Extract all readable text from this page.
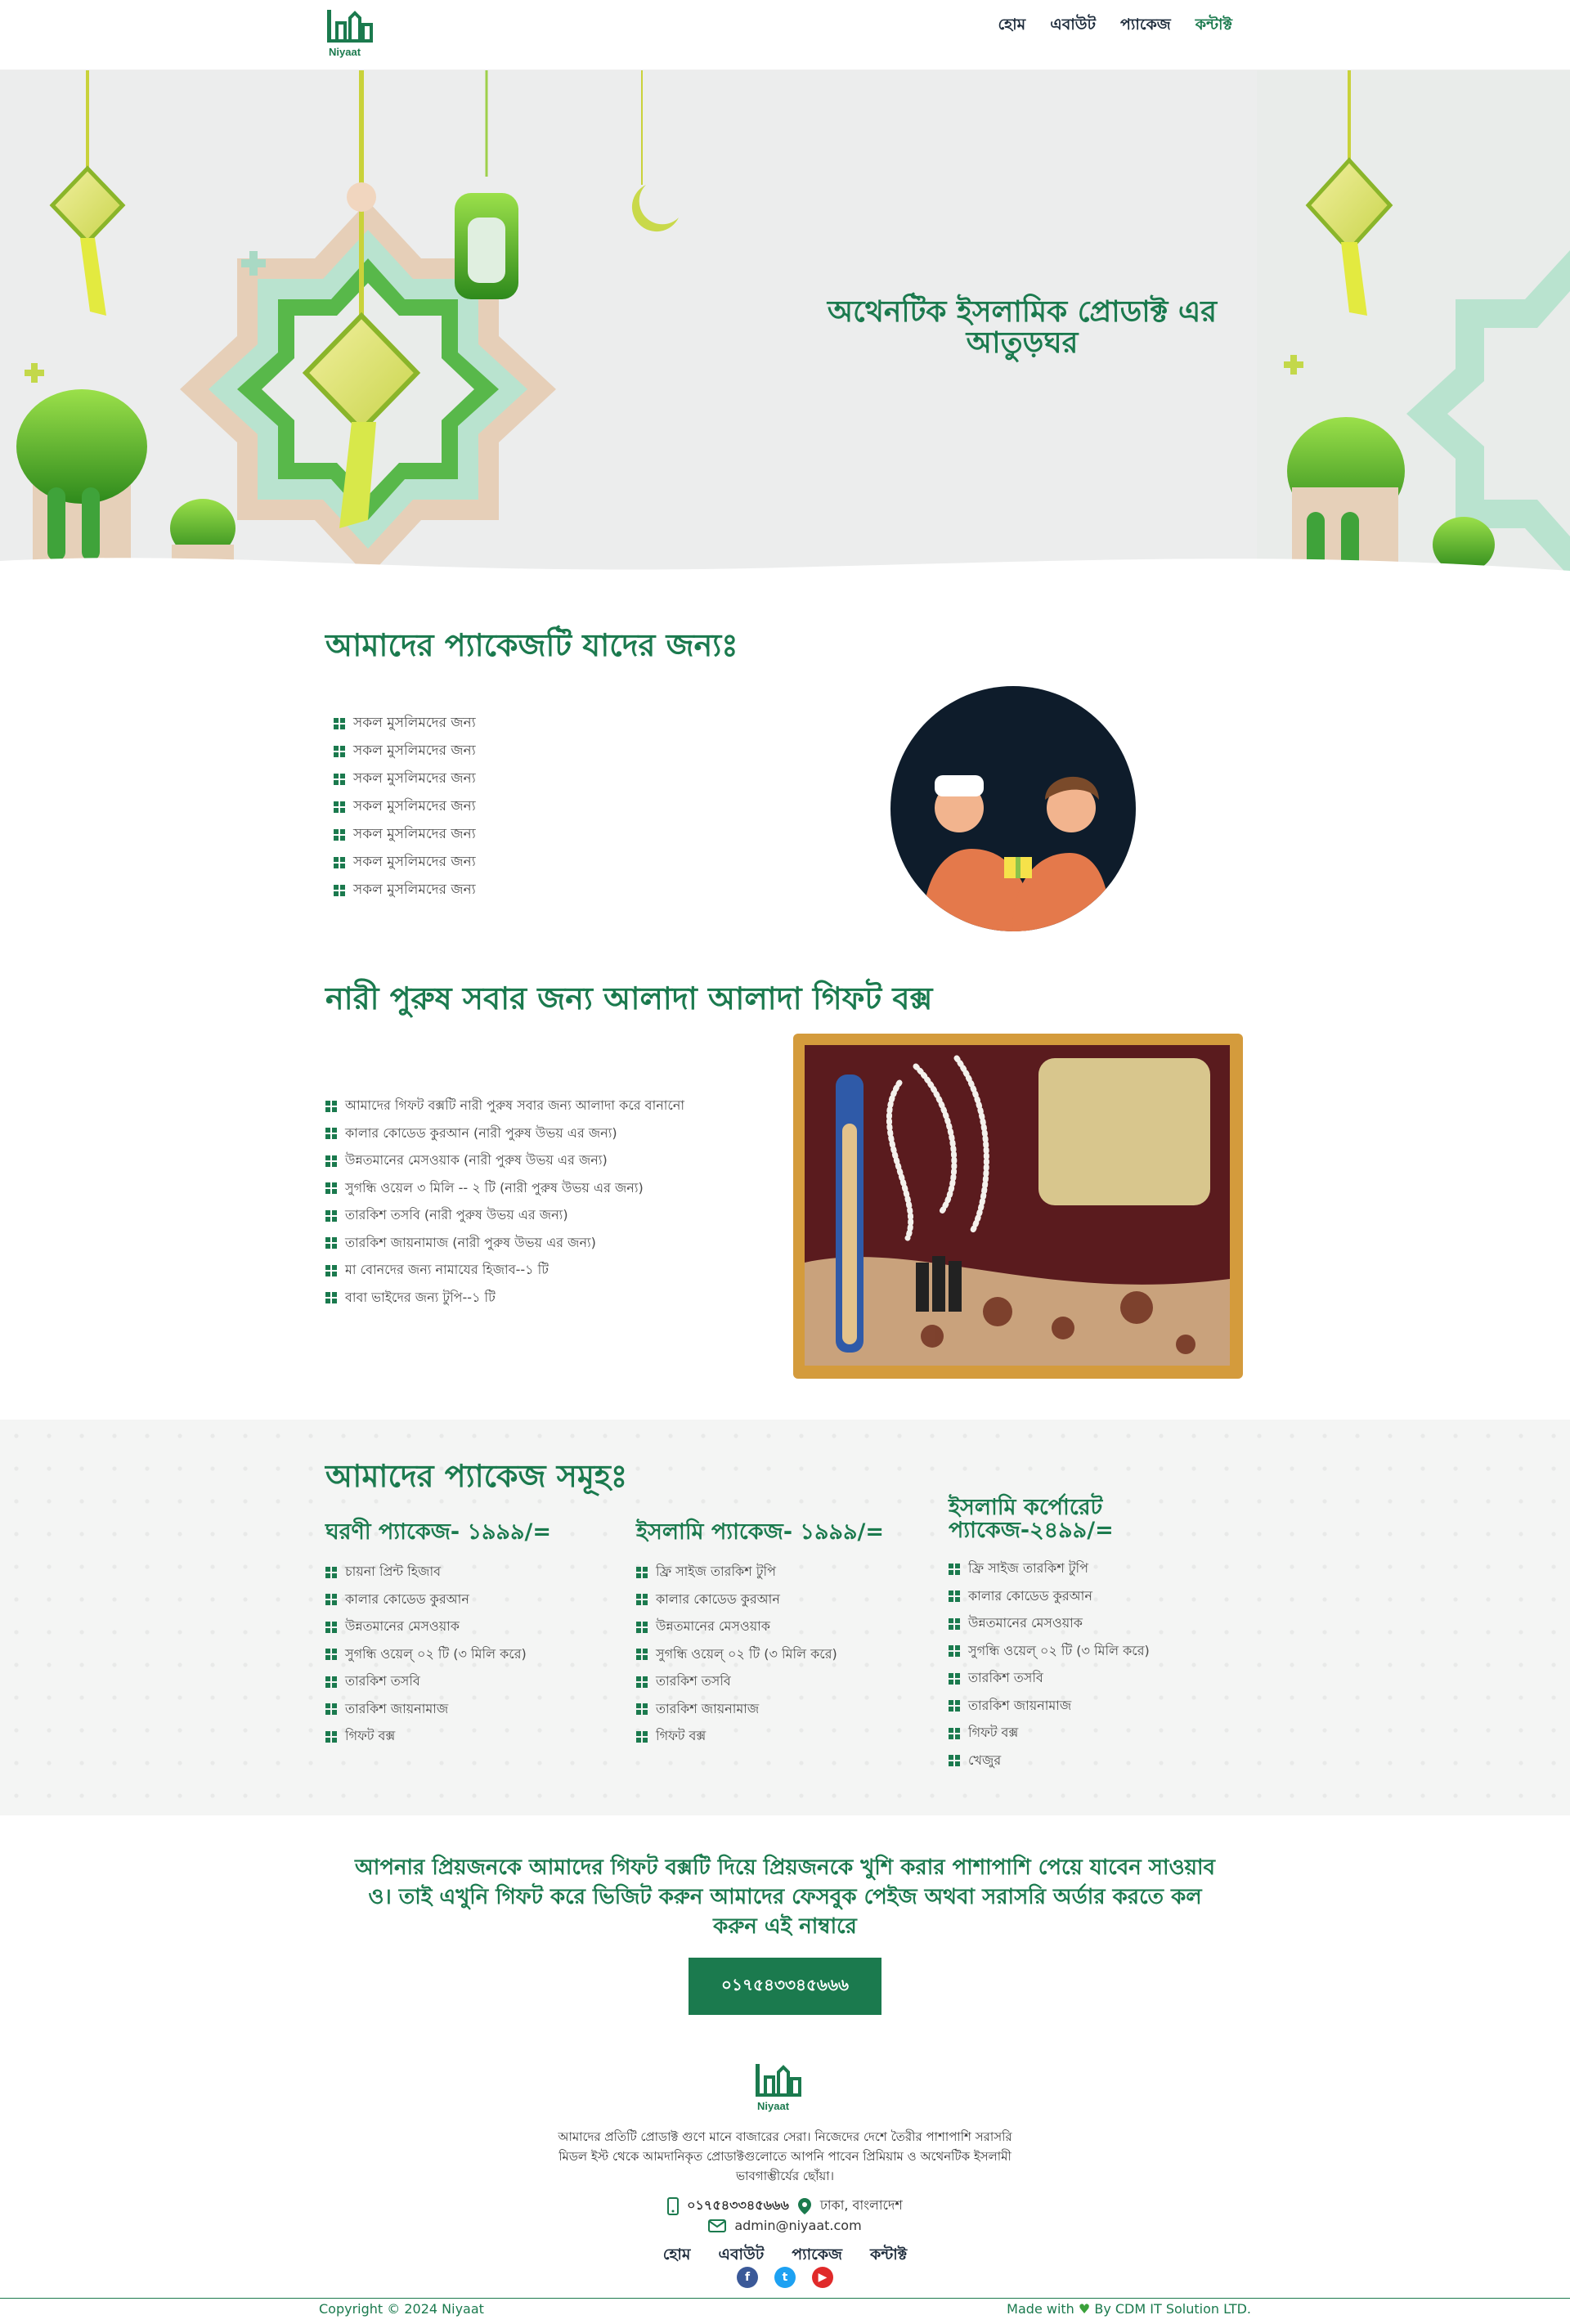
Niyaat
হোম এবাউট প্যাকেজ কন্টাক্ট
অথেনটিক ইসলামিক প্রোডাক্ট এর আতুড়ঘর
আমাদের প্যাকেজটি যাদের জন্যঃ
সকল মুসলিমদের জন্য
সকল মুসলিমদের জন্য
সকল মুসলিমদের জন্য
সকল মুসলিমদের জন্য
সকল মুসলিমদের জন্য
সকল মুসলিমদের জন্য
সকল মুসলিমদের জন্য
নারী পুরুষ সবার জন্য আলাদা আলাদা গিফট বক্স
আমাদের গিফট বক্সটি নারী পুরুষ সবার জন্য আলাদা করে বানানো
কালার কোডেড কুরআন (নারী পুরুষ উভয় এর জন্য)
উন্নতমানের মেসওয়াক (নারী পুরুষ উভয় এর জন্য)
সুগন্ধি ওয়েল ৩ মিলি -- ২ টি (নারী পুরুষ উভয় এর জন্য)
তারকিশ তসবি (নারী পুরুষ উভয় এর জন্য)
তারকিশ জায়নামাজ (নারী পুরুষ উভয় এর জন্য)
মা বোনদের জন্য নামাযের হিজাব--১ টি
বাবা ভাইদের জন্য টুপি--১ টি
আমাদের প্যাকেজ সমূহঃ
ঘরণী প্যাকেজ- ১৯৯৯/=
চায়না প্রিন্ট হিজাব
কালার কোডেড কুরআন
উন্নতমানের মেসওয়াক
সুগন্ধি ওয়েল্‌ ০২ টি (৩ মিলি করে)
তারকিশ তসবি
তারকিশ জায়নামাজ
গিফট বক্স
ইসলামি প্যাকেজ- ১৯৯৯/=
ফ্রি সাইজ তারকিশ টুপি
কালার কোডেড কুরআন
উন্নতমানের মেসওয়াক
সুগন্ধি ওয়েল্‌ ০২ টি (৩ মিলি করে)
তারকিশ তসবি
তারকিশ জায়নামাজ
গিফট বক্স
ইসলামি কর্পোরেট প্যাকেজ-২৪৯৯/=
ফ্রি সাইজ তারকিশ টুপি
কালার কোডেড কুরআন
উন্নতমানের মেসওয়াক
সুগন্ধি ওয়েল্‌ ০২ টি (৩ মিলি করে)
তারকিশ তসবি
তারকিশ জায়নামাজ
গিফট বক্স
খেজুর
আপনার প্রিয়জনকে আমাদের গিফট বক্সটি দিয়ে প্রিয়জনকে খুশি করার পাশাপাশি পেয়ে যাবেন সাওয়াব ও। তাই এখুনি গিফট করে ভিজিট করুন আমাদের ফেসবুক পেইজ অথবা সরাসরি অর্ডার করতে কল করুন এই নাম্বারে
০১৭৫৪৩৩৪৫৬৬৬
Niyaat
আমাদের প্রতিটি প্রোডাক্ট গুণে মানে বাজারের সেরা। নিজেদের দেশে তৈরীর পাশাপাশি সরাসরি মিডল ইস্ট থেকে আমদানিকৃত প্রোডাক্টগুলোতে আপনি পাবেন প্রিমিয়াম ও অথেনটিক ইসলামী ভাবগাম্ভীর্যের ছোঁয়া।
০১৭৫৪৩৩৪৫৬৬৬ ঢাকা, বাংলাদেশ
admin@niyaat.com
হোম এবাউট প্যাকেজ কন্টাক্ট
f	t	▶
Copyright © 2024 Niyaat	Made with ♥ By CDM IT Solution LTD.
